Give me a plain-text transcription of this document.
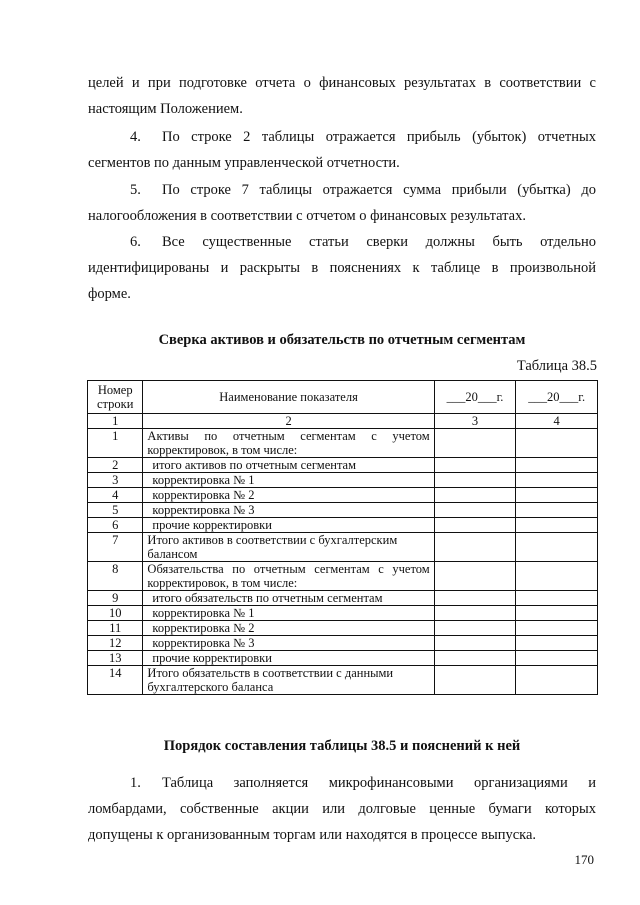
целей и при подготовке отчета о финансовых результатах в соответствии с
настоящим Положением.
4. По строке 2 таблицы отражается прибыль (убыток) отчетных
сегментов по данным управленческой отчетности.
5. По строке 7 таблицы отражается сумма прибыли (убытка) до
налогообложения в соответствии с отчетом о финансовых результатах.
6. Все существенные статьи сверки должны быть отдельно
идентифицированы и раскрыты в пояснениях к таблице в произвольной
форме.
Сверка активов и обязательств по отчетным сегментам

Таблица 38.5

Номер строки	Наименование показателя	___20___г.	___20___г.
1	2	3	4
1	Активы по отчетным сегментам с учетом корректировок, в том числе:		
2	итого активов по отчетным сегментам		
3	корректировка № 1		
4	корректировка № 2		
5	корректировка № 3		
6	прочие корректировки		
7	Итого активов в соответствии с бухгалтерским балансом		
8	Обязательства по отчетным сегментам с учетом корректировок, в том числе:		
9	итого обязательств по отчетным сегментам		
10	корректировка № 1		
11	корректировка № 2		
12	корректировка № 3		
13	прочие корректировки		
14	Итого обязательств в соответствии с данными бухгалтерского баланса		
Порядок составления таблицы 38.5 и пояснений к ней
1. Таблица заполняется микрофинансовыми организациями и
ломбардами, собственные акции или долговые ценные бумаги которых
допущены к организованным торгам или находятся в процессе выпуска.
170
